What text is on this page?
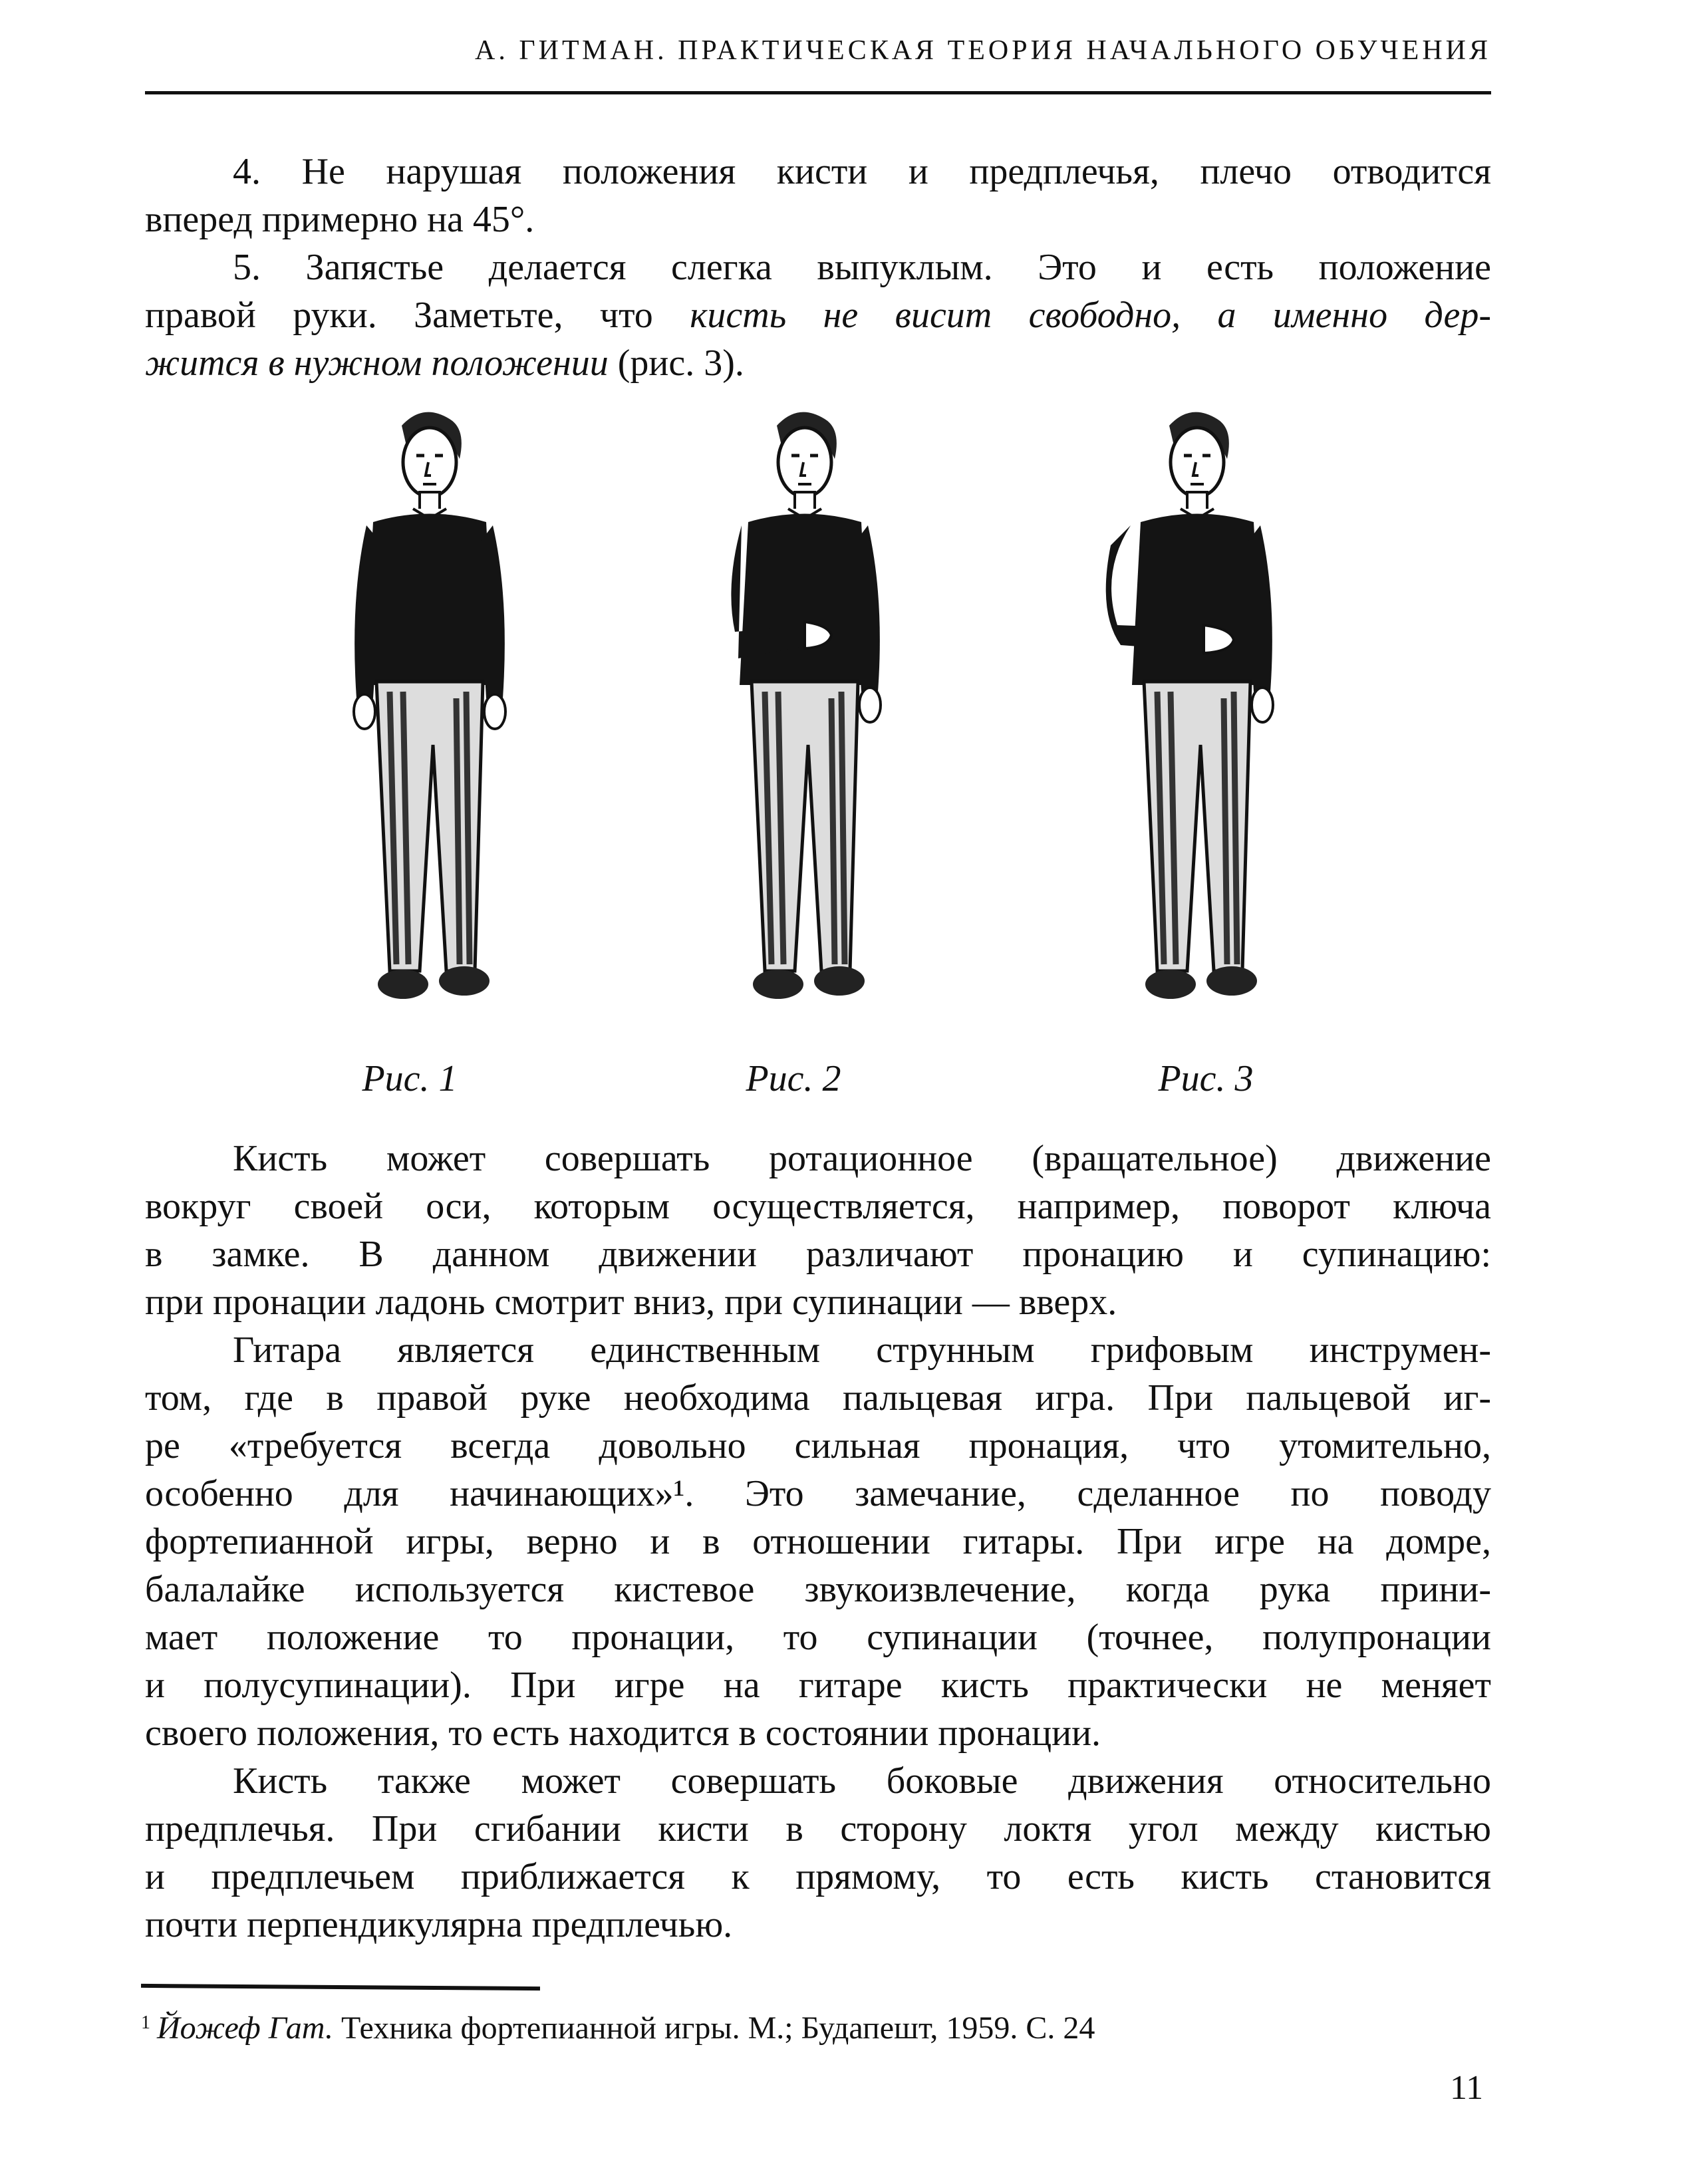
А. ГИТМАН. ПРАКТИЧЕСКАЯ ТЕОРИЯ НАЧАЛЬНОГО ОБУЧЕНИЯ
4. Не нарушая положения кисти и предплечья, плечо отводится
вперед примерно на 45°.
5. Запястье делается слегка выпуклым. Это и есть положение
правой руки. Заметьте, что кисть не висит свободно, а именно дер-
жится в нужном положении (рис. 3).
Рис. 1	Рис. 2	Рис. 3
Кисть может совершать ротационное (вращательное) движение
вокруг своей оси, которым осуществляется, например, поворот ключа
в замке. В данном движении различают пронацию и супинацию:
при пронации ладонь смотрит вниз, при супинации — вверх.
Гитара является единственным струнным грифовым инструмен-
том, где в правой руке необходима пальцевая игра. При пальцевой иг-
ре «требуется всегда довольно сильная пронация, что утомительно,
особенно для начинающих»¹. Это замечание, сделанное по поводу
фортепианной игры, верно и в отношении гитары. При игре на домре,
балалайке используется кистевое звукоизвлечение, когда рука прини-
мает положение то пронации, то супинации (точнее, полупронации
и полусупинации). При игре на гитаре кисть практически не меняет
своего положения, то есть находится в состоянии пронации.
Кисть также может совершать боковые движения относительно
предплечья. При сгибании кисти в сторону локтя угол между кистью
и предплечьем приближается к прямому, то есть кисть становится
почти перпендикулярна предплечью.
$^1$ Йожеф Гат. Техника фортепианной игры. М.; Будапешт, 1959. С. 24
11
